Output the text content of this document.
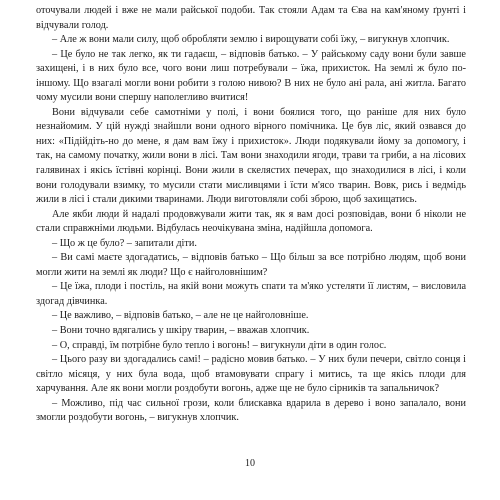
оточували людей і вже не мали райської подоби. Так стояли Адам та Єва на кам'яному ґрунті і відчували голод.

– Але ж вони мали силу, щоб обробляти землю і вирощувати собі їжу, – вигукнув хлопчик.

– Це було не так легко, як ти гадаєш, – відповів батько. – У райському саду вони були завше захищені, і в них було все, чого вони лиш потребували – їжа, прихисток. На землі ж було по-іншому. Що взагалі могли вони робити з голою нивою? В них не було ані рала, ані житла. Багато чому мусили вони спершу наполегливо вчитися!

Вони відчували себе самотніми у полі, і вони боялися того, що раніше для них було незнайомим. У цій нужді знайшли вони одного вірного помічника. Це був ліс, який озвався до них: «Підійдіть-но до мене, я дам вам їжу і прихисток». Люди подякували йому за допомогу, і так, на самому початку, жили вони в лісі. Там вони знаходили ягоди, трави та гриби, а на лісових галявинах і якісь їстівні корінці. Вони жили в скелястих печерах, що знаходилися в лісі, і коли вони голодували взимку, то мусили стати мисливцями і їсти м'ясо тварин. Вовк, рись і ведмідь жили в лісі і стали дикими тваринами. Люди виготовляли собі зброю, щоб захищатись.

Але якби люди й надалі продовжували жити так, як я вам досі розповідав, вони б ніколи не стали справжніми людьми. Відбулась неочікувана зміна, надійшла допомога.

– Що ж це було? – запитали діти.

– Ви самі маєте здогадатись, – відповів батько – Що більш за все потрібно людям, щоб вони могли жити на землі як люди? Що є найголовнішим?

– Це їжа, плоди і постіль, на якій вони можуть спати та м'яко устеляти її листям, – висловила здогад дівчинка.

– Це важливо, – відповів батько, – але не це найголовніше.

– Вони точно вдягались у шкіру тварин, – вважав хлопчик.

– О, справді, їм потрібне було тепло і вогонь! – вигукнули діти в один голос.

– Цього разу ви здогадались самі! – радісно мовив батько. – У них були печери, світло сонця і світло місяця, у них була вода, щоб втамовувати спрагу і митись, та ще якісь плоди для харчування. Але як вони могли роздобути вогонь, адже ще не було сірників та запальничок?

– Можливо, під час сильної грози, коли блискавка вдарила в дерево і воно запалало, вони змогли роздобути вогонь, – вигукнув хлопчик.

10
